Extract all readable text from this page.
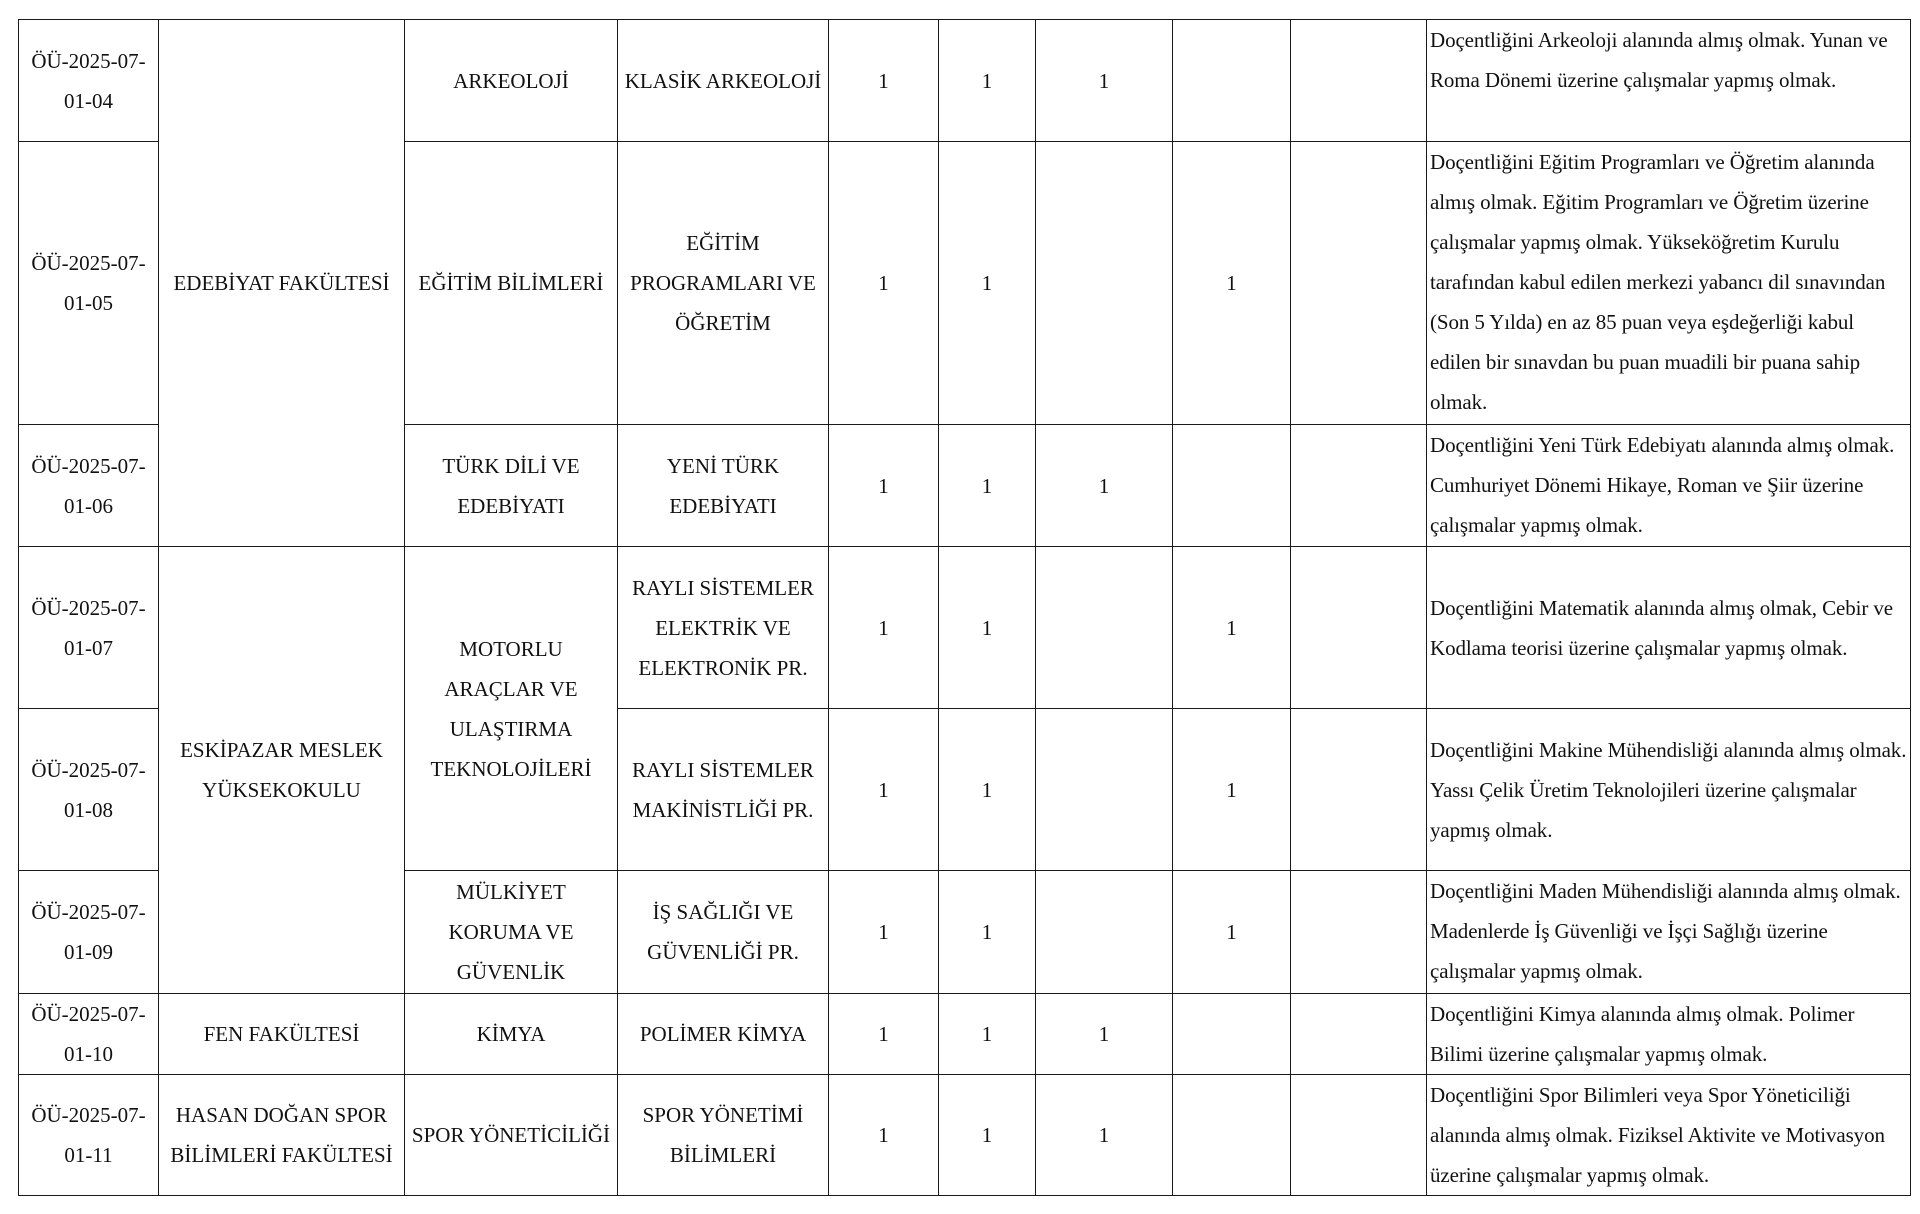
ÖÜ-2025-07-01-04	EDEBİYAT FAKÜLTESİ	ARKEOLOJİ	KLASİK ARKEOLOJİ	1	1	1			Doçentliğini Arkeoloji alanında almış olmak. Yunan ve Roma Dönemi üzerine çalışmalar yapmış olmak.
ÖÜ-2025-07-01-05		EĞİTİM BİLİMLERİ	EĞİTİM PROGRAMLARI VE ÖĞRETİM	1	1		1		Doçentliğini Eğitim Programları ve Öğretim alanında almış olmak. Eğitim Programları ve Öğretim üzerine çalışmalar yapmış olmak. Yükseköğretim Kurulu tarafından kabul edilen merkezi yabancı dil sınavından (Son 5 Yılda) en az 85 puan veya eşdeğerliği kabul edilen bir sınavdan bu puan muadili bir puana sahip olmak.
ÖÜ-2025-07-01-06		TÜRK DİLİ VE EDEBİYATI	YENİ TÜRK EDEBİYATI	1	1	1			Doçentliğini Yeni Türk Edebiyatı alanında almış olmak. Cumhuriyet Dönemi Hikaye, Roman ve Şiir üzerine çalışmalar yapmış olmak.
ÖÜ-2025-07-01-07	ESKİPAZAR MESLEK YÜKSEKOKULU	MOTORLU ARAÇLAR VE ULAŞTIRMA TEKNOLOJİLERİ	RAYLI SİSTEMLER ELEKTRİK VE ELEKTRONİK PR.	1	1		1		Doçentliğini Matematik alanında almış olmak, Cebir ve Kodlama teorisi üzerine çalışmalar yapmış olmak.
ÖÜ-2025-07-01-08			RAYLI SİSTEMLER MAKİNİSTLİĞİ PR.	1	1		1		Doçentliğini Makine Mühendisliği alanında almış olmak. Yassı Çelik Üretim Teknolojileri üzerine çalışmalar yapmış olmak.
ÖÜ-2025-07-01-09		MÜLKİYET KORUMA VE GÜVENLİK	İŞ SAĞLIĞI VE GÜVENLİĞİ PR.	1	1		1		Doçentliğini Maden Mühendisliği alanında almış olmak. Madenlerde İş Güvenliği ve İşçi Sağlığı üzerine çalışmalar yapmış olmak.
ÖÜ-2025-07-01-10	FEN FAKÜLTESİ	KİMYA	POLİMER KİMYA	1	1	1			Doçentliğini Kimya alanında almış olmak. Polimer Bilimi üzerine çalışmalar yapmış olmak.
ÖÜ-2025-07-01-11	HASAN DOĞAN SPOR BİLİMLERİ FAKÜLTESİ	SPOR YÖNETİCİLİĞİ	SPOR YÖNETİMİ BİLİMLERİ	1	1	1			Doçentliğini Spor Bilimleri veya Spor Yöneticiliği alanında almış olmak. Fiziksel Aktivite ve Motivasyon üzerine çalışmalar yapmış olmak.
